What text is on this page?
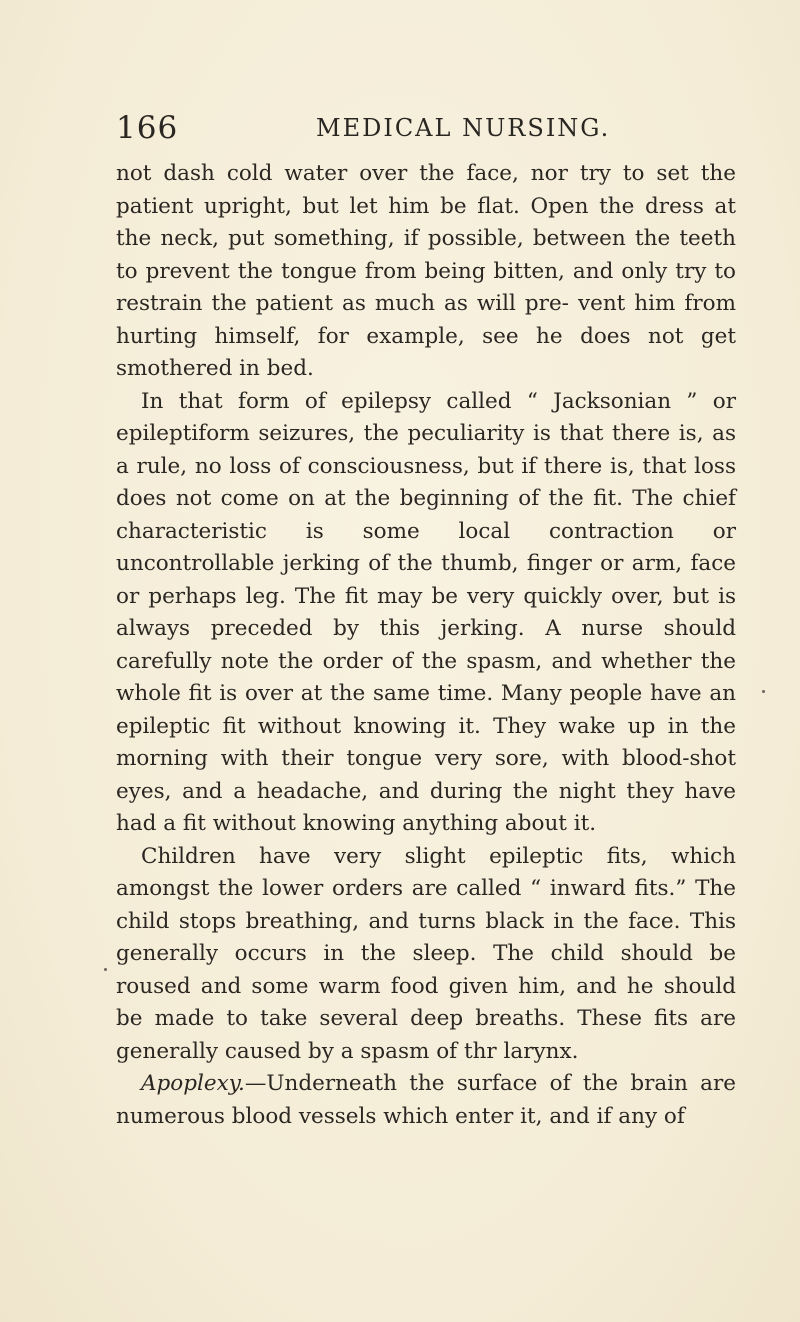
166	MEDICAL NURSING.

not dash cold water over the face, nor try to set the patient upright, but let him be flat. Open the dress at the neck, put something, if possible, between the teeth to prevent the tongue from being bitten, and only try to restrain the patient as much as will pre- vent him from hurting himself, for example, see he does not get smothered in bed.

In that form of epilepsy called “ Jacksonian ” or epileptiform seizures, the peculiarity is that there is, as a rule, no loss of consciousness, but if there is, that loss does not come on at the beginning of the fit. The chief characteristic is some local contraction or uncontrollable jerking of the thumb, finger or arm, face or perhaps leg. The fit may be very quickly over, but is always preceded by this jerking. A nurse should carefully note the order of the spasm, and whether the whole fit is over at the same time. Many people have an epileptic fit without knowing it. They wake up in the morning with their tongue very sore, with blood-shot eyes, and a headache, and during the night they have had a fit without knowing anything about it.

Children have very slight epileptic fits, which amongst the lower orders are called “ inward fits.” The child stops breathing, and turns black in the face. This generally occurs in the sleep. The child should be roused and some warm food given him, and he should be made to take several deep breaths. These fits are generally caused by a spasm of thr larynx.

Apoplexy.—Underneath the surface of the brain are numerous blood vessels which enter it, and if any of
